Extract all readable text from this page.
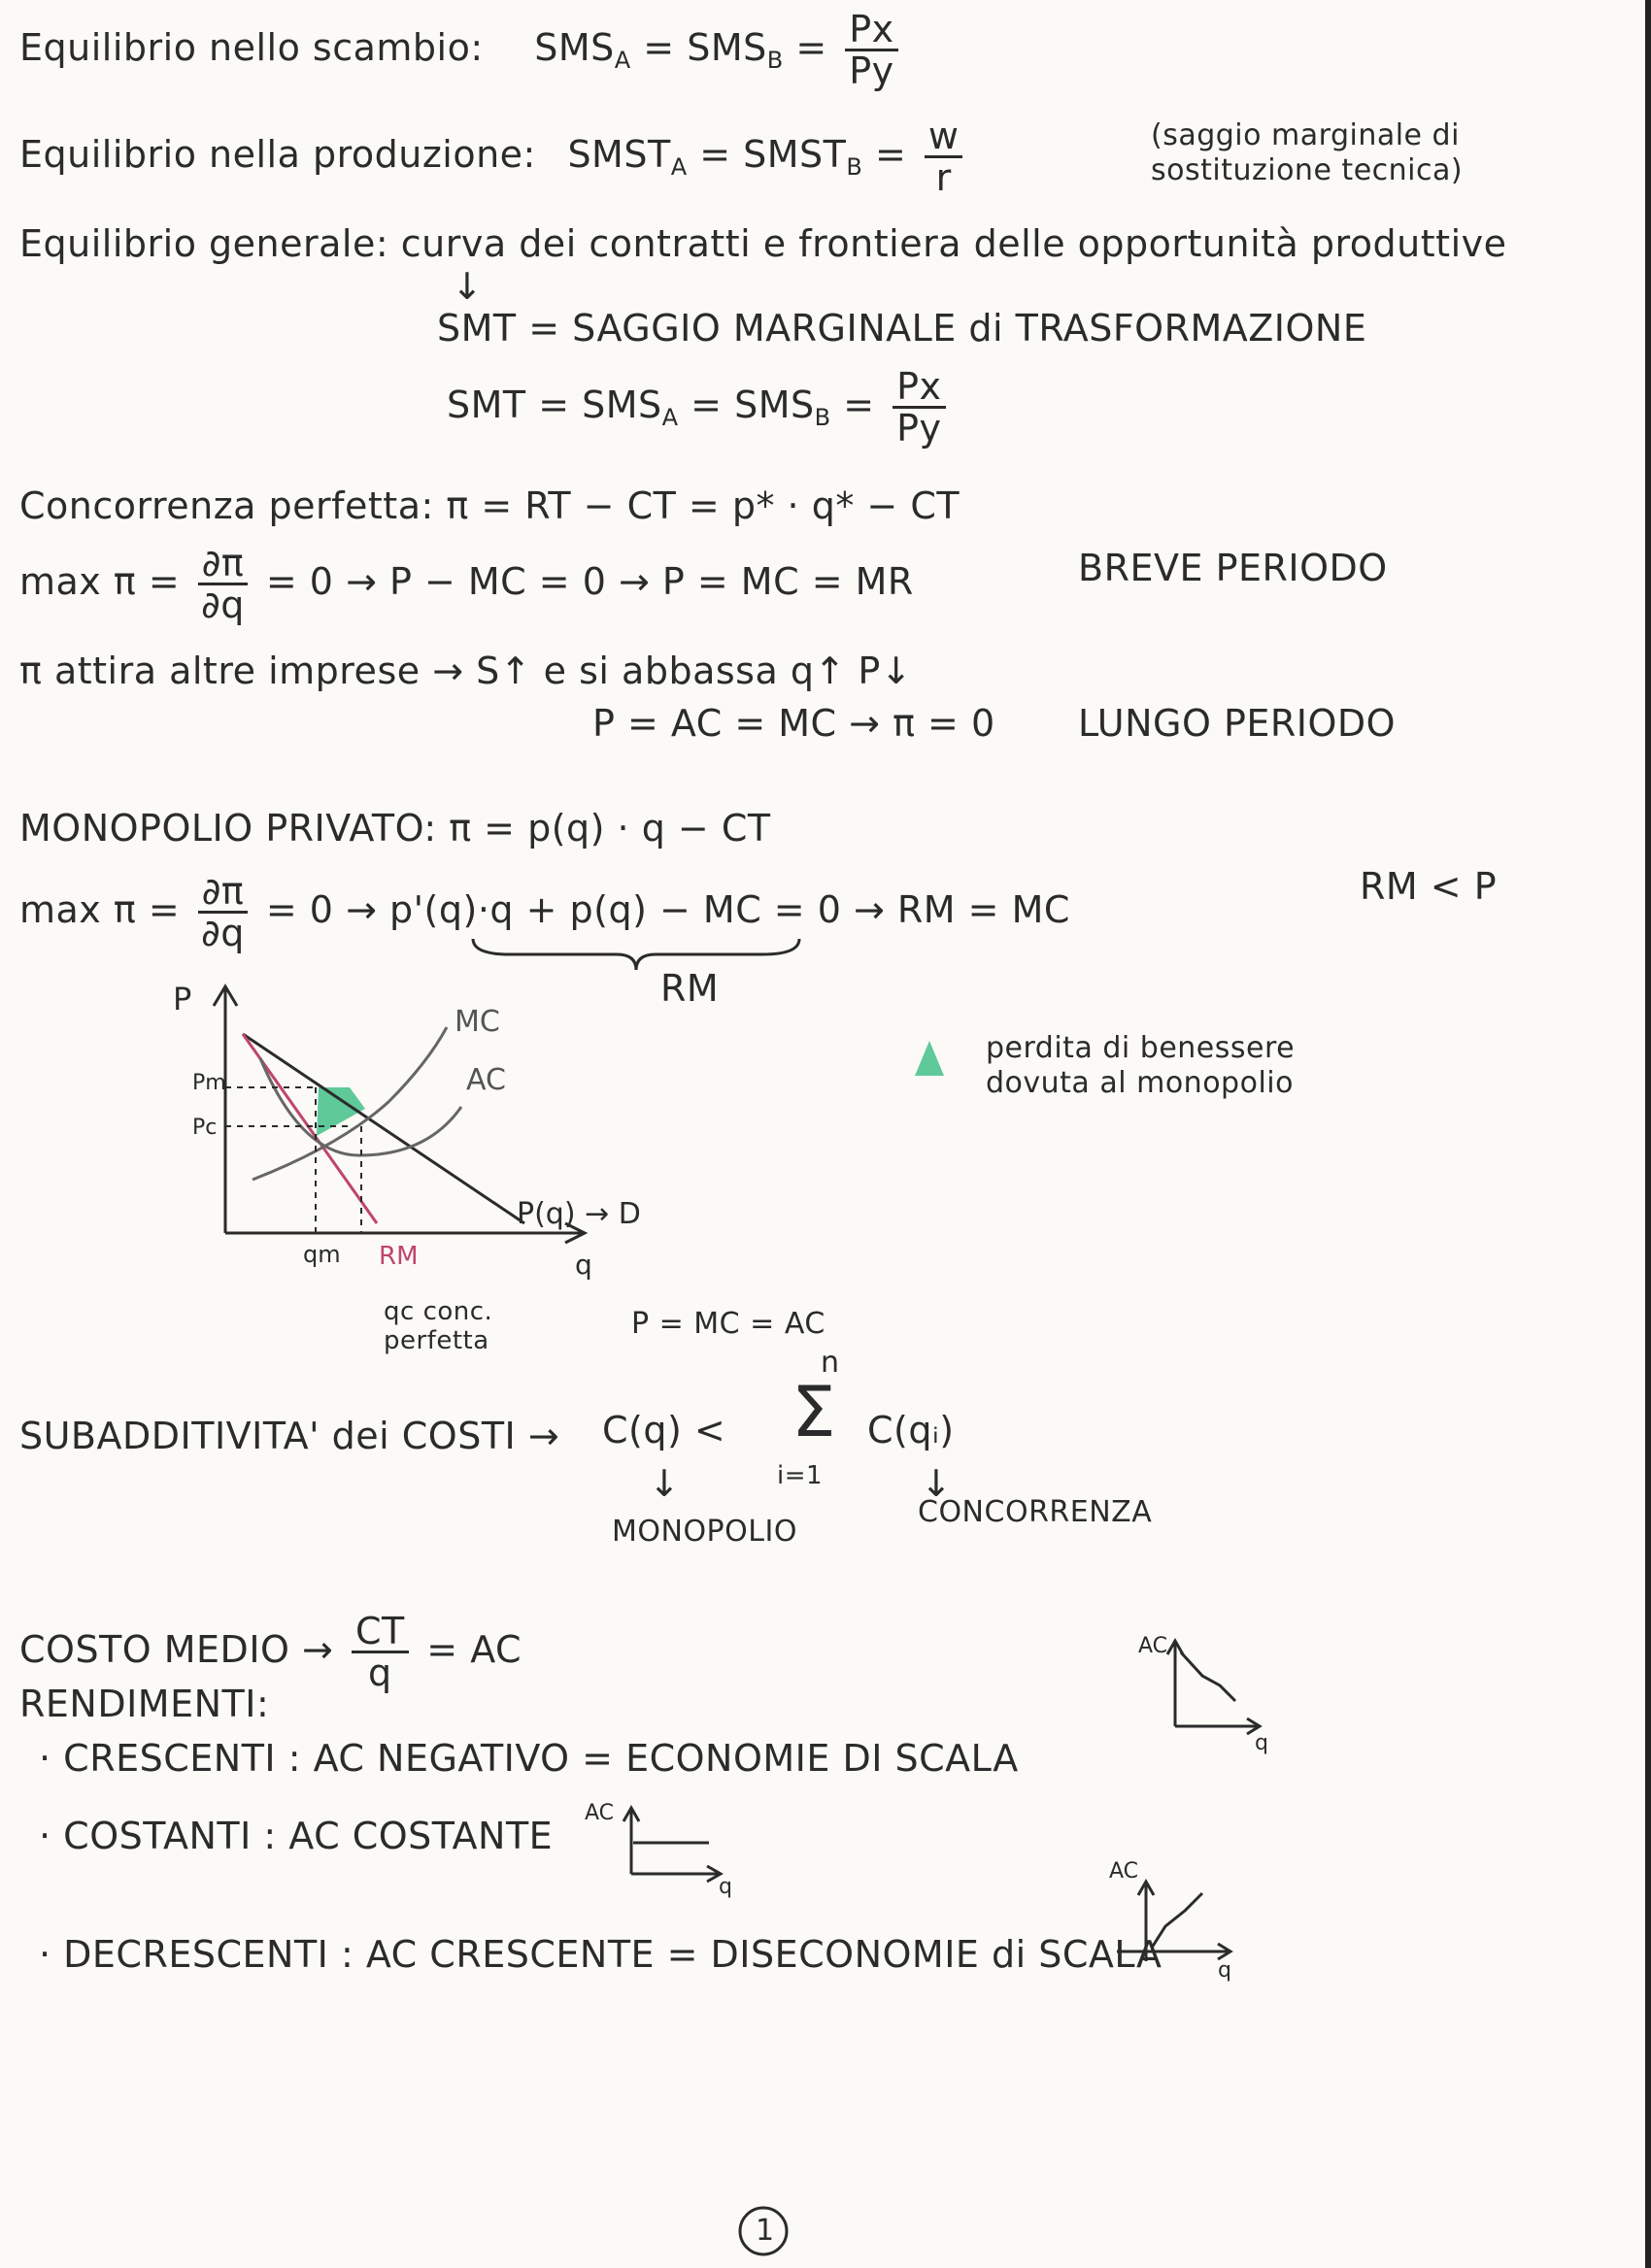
Equilibrio nello scambio: $SMS_A = SMS_B = \frac{Px}{Py}$
Equilibrio nella produzione: $SMST_A$ = $SMST_B = \frac{w}{r}$	(saggio marginale di
sostituzione tecnica)
Equilibrio generale: curva dei contratti e frontiera delle opportunità produttive
↓
SMT = SAGGIO MARGINALE di TRASFORMAZIONE
SMT = $SMS_A = SMS_B = \frac{Px}{Py}$
Concorrenza perfetta: π = RT − CT = p* · q* − CT
$\max \pi = \frac{\partial\pi}{\partial q} = 0 \to P$ − MC = 0 → P = MC = MR	BREVE PERIODO
π attira altre imprese → S↑ e si abbassa q↑ P↓
P = AC = MC → π = 0 LUNGO PERIODO
MONOPOLIO PRIVATO: π = p(q) · q − CT
$\max \pi = \frac{\partial\pi}{\partial q} = 0 \to p'(q)\cdot q + p(q)$ − MC = 0 → RM = MC
RM < P
RM
P
Pm
Pc
MC
AC
P(q) → D
qm RM	q
qc conc.
perfetta	P = MC = AC
perdita di benessere
dovuta al monopolio
SUBADDITIVITA' dei COSTI → C(q) <
n
Σ
i=1
C(qᵢ)
↓	↓
MONOPOLIO
CONCORRENZA
COSTO MEDIO → $\frac{CT}{q}$ = AC
RENDIMENTI:
· CRESCENTI : AC NEGATIVO = ECONOMIE DI SCALA
· COSTANTI : AC COSTANTE
· DECRESCENTI : AC CRESCENTE = DISECONOMIE di SCALA
AC
q
AC
q
AC
q
1
